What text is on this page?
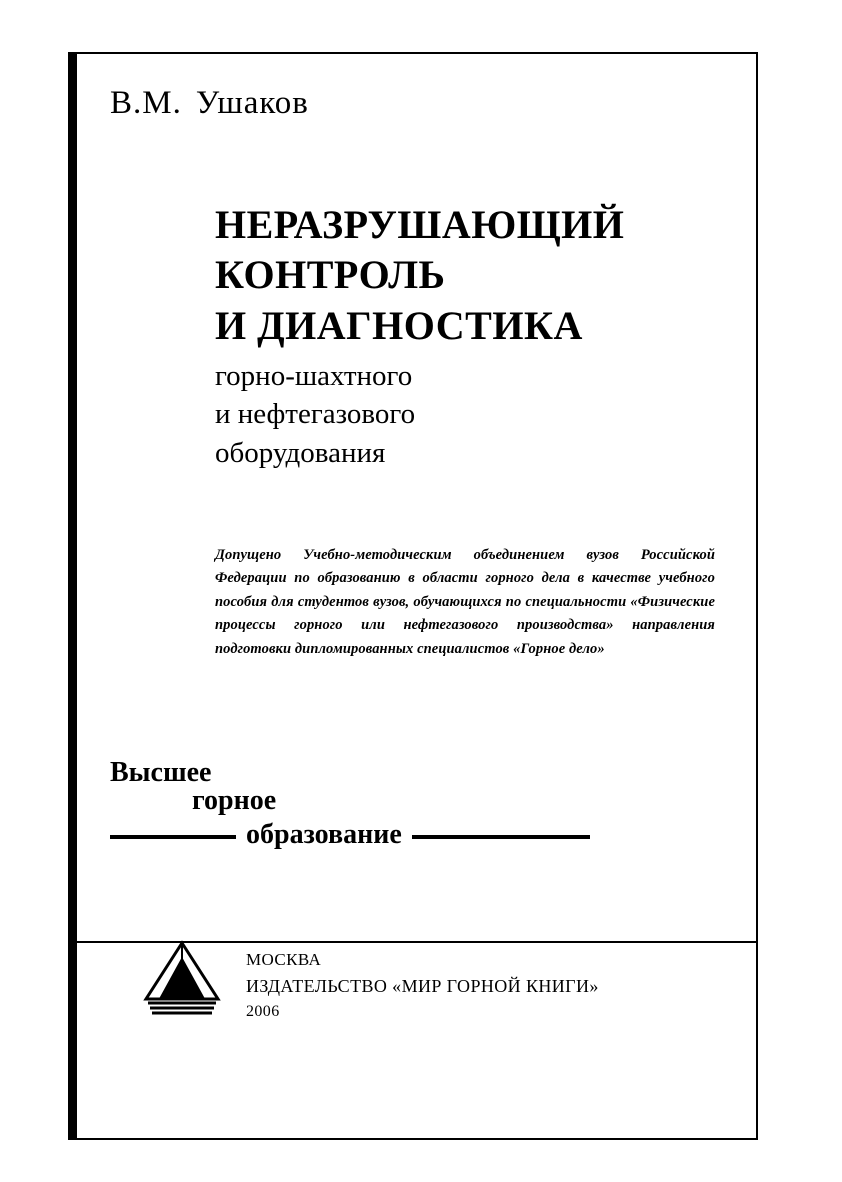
В.М. Ушаков
НЕРАЗРУШАЮЩИЙ
КОНТРОЛЬ
И ДИАГНОСТИКА
горно-шахтного
и нефтегазового
оборудования
Допущено Учебно-методическим объединением вузов Российской Федерации по образованию в области горного дела в качестве учебного пособия для студентов вузов, обучающихся по специальности «Физические процессы горного или нефтегазового производства» направления подготовки дипломированных специалистов «Горное дело»
Высшее
горное
образование
МОСКВА
ИЗДАТЕЛЬСТВО «МИР ГОРНОЙ КНИГИ»
2006
